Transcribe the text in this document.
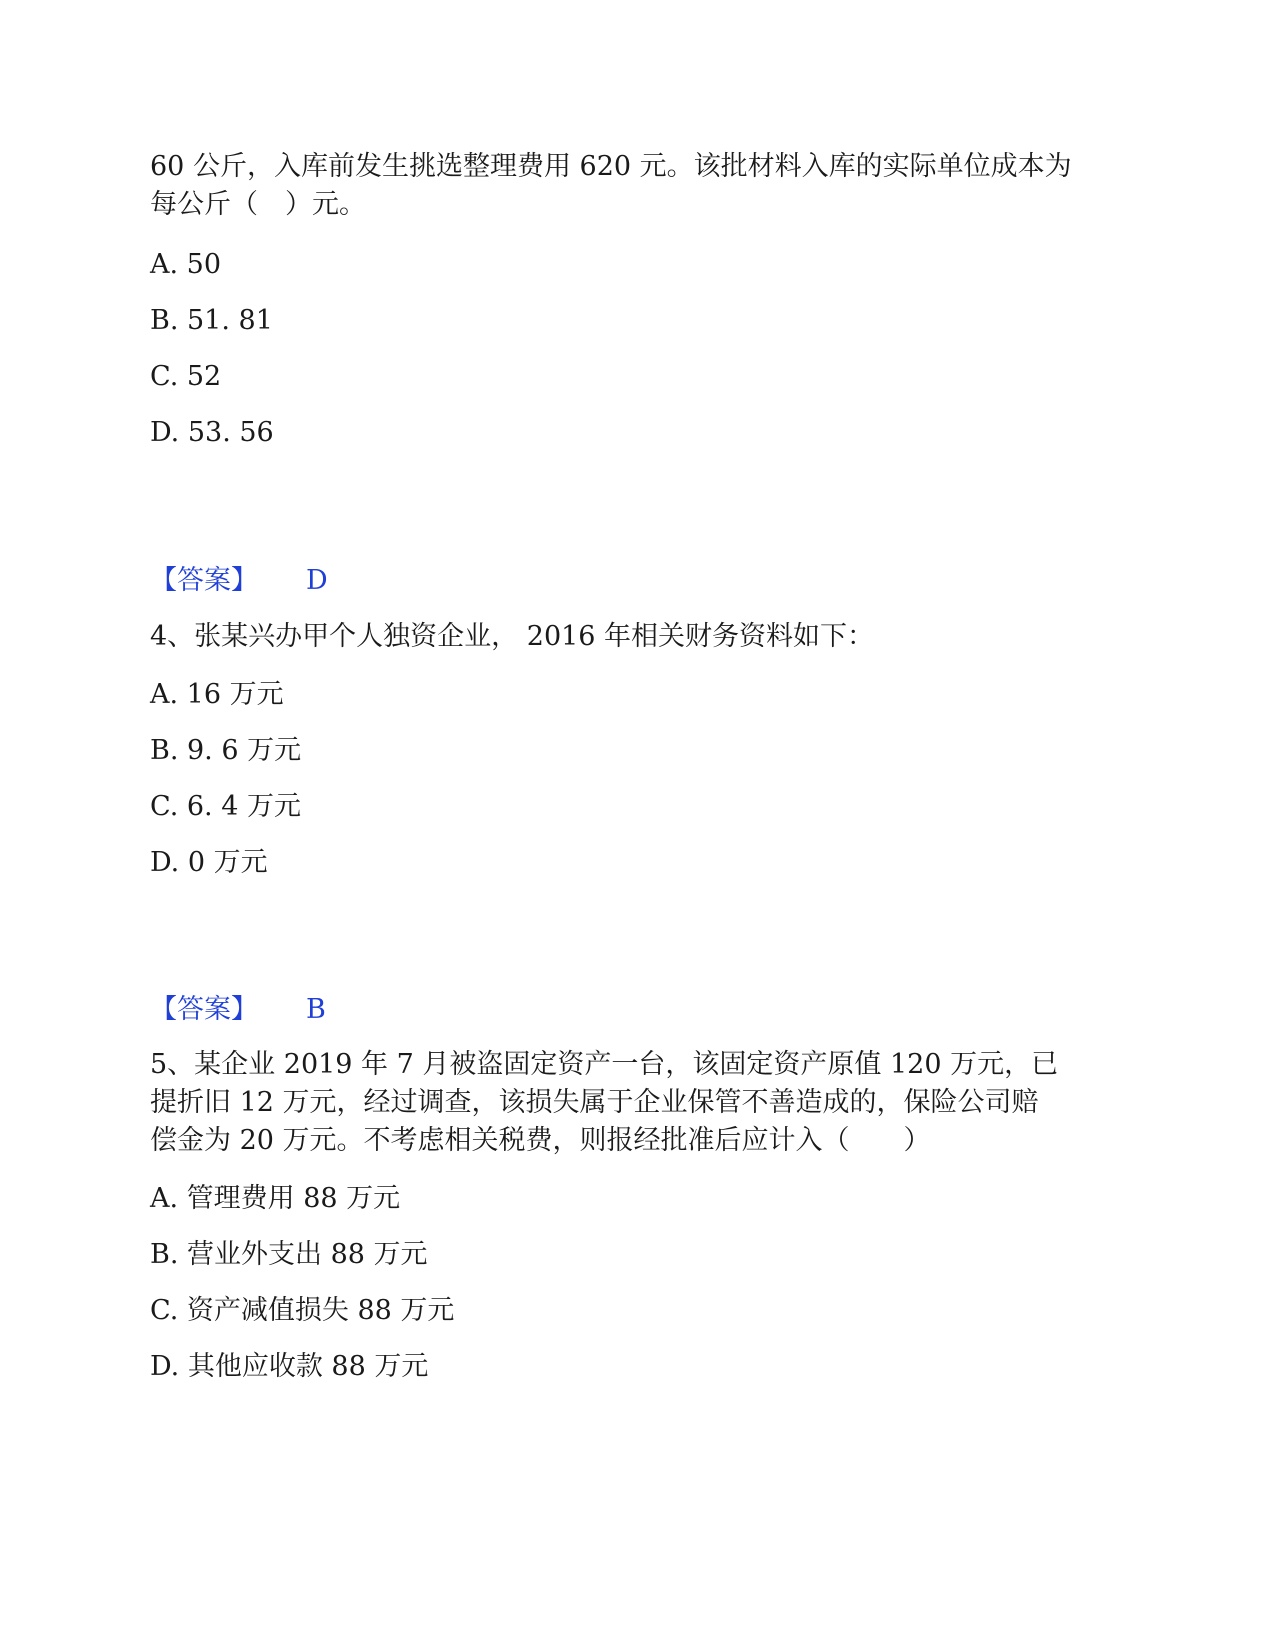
60 公斤，入库前发生挑选整理费用 620 元。该批材料入库的实际单位成本为
每公斤（　）元。
A. 50
B. 51. 81
C. 52
D. 53. 56
【答案】 D
4、张某兴办甲个人独资企业， 2016 年相关财务资料如下：
A. 16 万元
B. 9. 6 万元
C. 6. 4 万元
D. 0 万元
【答案】 B
5、某企业 2019 年 7 月被盗固定资产一台，该固定资产原值 120 万元，已
提折旧 12 万元，经过调查，该损失属于企业保管不善造成的，保险公司赔
偿金为 20 万元。不考虑相关税费，则报经批准后应计入（　　）
A. 管理费用 88 万元
B. 营业外支出 88 万元
C. 资产减值损失 88 万元
D. 其他应收款 88 万元
